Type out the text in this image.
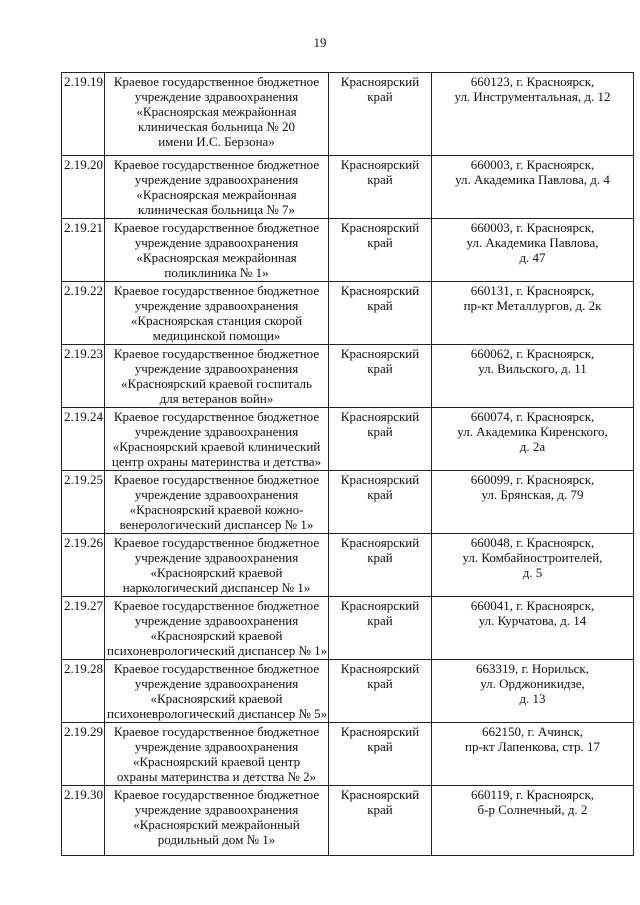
19
2.19.19	Краевое государственное бюджетное
учреждение здравоохранения
«Красноярская межрайонная
клиническая больница № 20
имени И.С. Берзона»	Красноярский
край	660123, г. Красноярск,
ул. Инструментальная, д. 12

2.19.20	Краевое государственное бюджетное
учреждение здравоохранения
«Красноярская межрайонная
клиническая больница № 7»	Красноярский
край	660003, г. Красноярск,
ул. Академика Павлова, д. 4

2.19.21	Краевое государственное бюджетное
учреждение здравоохранения
«Красноярская межрайонная
поликлиника № 1»	Красноярский
край	660003, г. Красноярск,
ул. Академика Павлова,
д. 47

2.19.22	Краевое государственное бюджетное
учреждение здравоохранения
«Красноярская станция скорой
медицинской помощи»	Красноярский
край	660131, г. Красноярск,
пр-кт Металлургов, д. 2к

2.19.23	Краевое государственное бюджетное
учреждение здравоохранения
«Красноярский краевой госпиталь
для ветеранов войн»	Красноярский
край	660062, г. Красноярск,
ул. Вильского, д. 11

2.19.24	Краевое государственное бюджетное
учреждение здравоохранения
«Красноярский краевой клинический
центр охраны материнства и детства»	Красноярский
край	660074, г. Красноярск,
ул. Академика Киренского,
д. 2а

2.19.25	Краевое государственное бюджетное
учреждение здравоохранения
«Красноярский краевой кожно-
венерологический диспансер № 1»	Красноярский
край	660099, г. Красноярск,
ул. Брянская, д. 79

2.19.26	Краевое государственное бюджетное
учреждение здравоохранения
«Красноярский краевой
наркологический диспансер № 1»	Красноярский
край	660048, г. Красноярск,
ул. Комбайностроителей,
д. 5

2.19.27	Краевое государственное бюджетное
учреждение здравоохранения
«Красноярский краевой
психоневрологический диспансер № 1»	Красноярский
край	660041, г. Красноярск,
ул. Курчатова, д. 14

2.19.28	Краевое государственное бюджетное
учреждение здравоохранения
«Красноярский краевой
психоневрологический диспансер № 5»	Красноярский
край	663319, г. Норильск,
ул. Орджоникидзе,
д. 13

2.19.29	Краевое государственное бюджетное
учреждение здравоохранения
«Красноярский краевой центр
охраны материнства и детства № 2»	Красноярский
край	662150, г. Ачинск,
пр-кт Лапенкова, стр. 17

2.19.30	Краевое государственное бюджетное
учреждение здравоохранения
«Красноярский межрайонный
родильный дом № 1»	Красноярский
край	660119, г. Красноярск,
б-р Солнечный, д. 2
